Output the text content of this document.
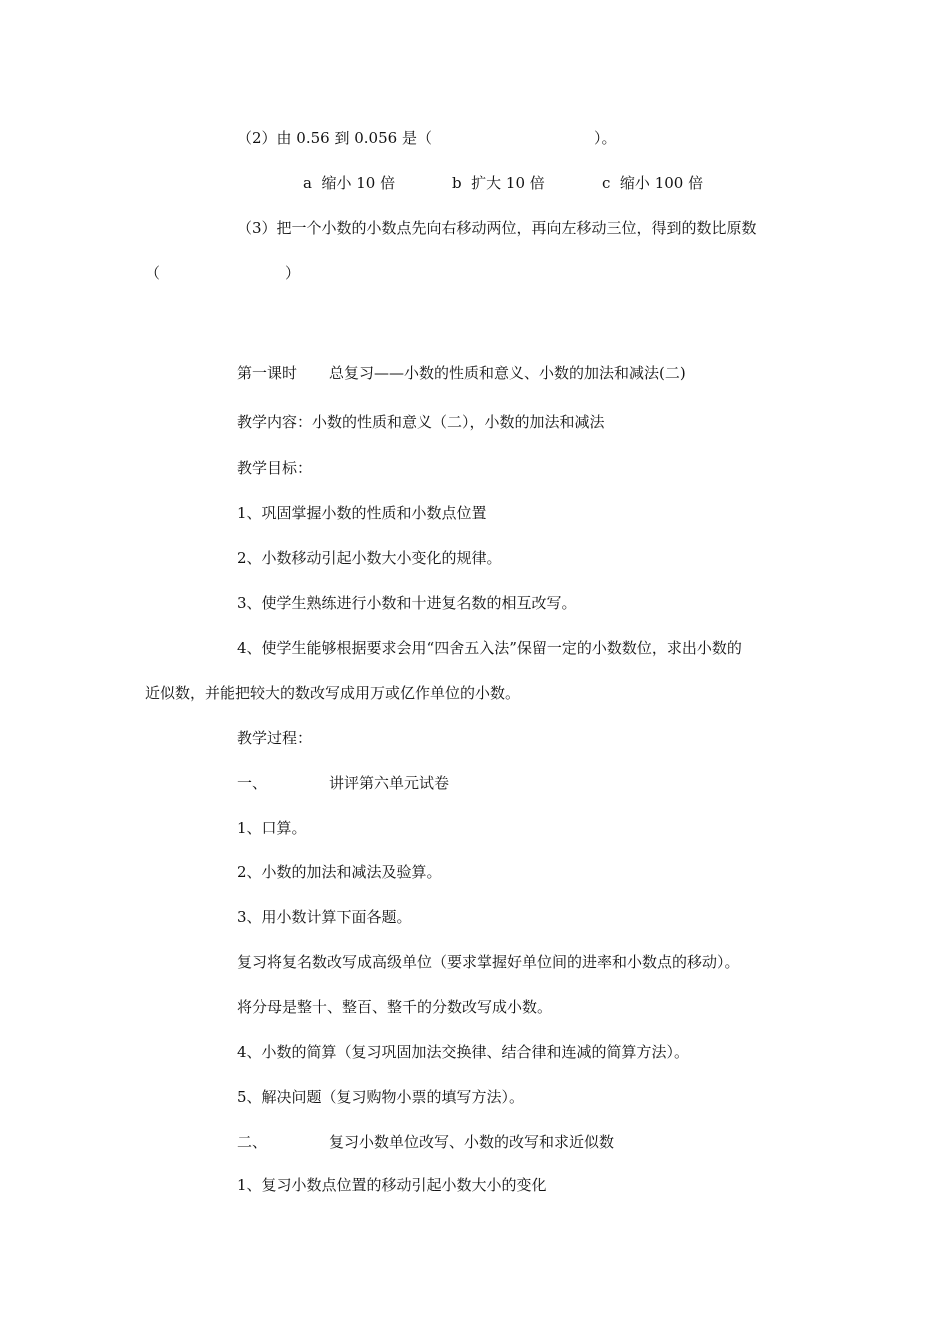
（2）由 0.56 到 0.056 是（	）。
a  缩小 10 倍	b  扩大 10 倍	c  缩小 100 倍
（3）把一个小数的小数点先向右移动两位，再向左移动三位，得到的数比原数
（	）
第一课时 总复习——小数的性质和意义、小数的加法和减法(二)
教学内容：小数的性质和意义（二），小数的加法和减法
教学目标：
1、巩固掌握小数的性质和小数点位置
2、小数移动引起小数大小变化的规律。
3、使学生熟练进行小数和十进复名数的相互改写。
4、使学生能够根据要求会用“四舍五入法”保留一定的小数数位，求出小数的
近似数，并能把较大的数改写成用万或亿作单位的小数。
教学过程：
一、	讲评第六单元试卷
1、口算。
2、小数的加法和减法及验算。
3、用小数计算下面各题。
复习将复名数改写成高级单位（要求掌握好单位间的进率和小数点的移动）。
将分母是整十、整百、整千的分数改写成小数。
4、小数的简算（复习巩固加法交换律、结合律和连减的简算方法）。
5、解决问题（复习购物小票的填写方法）。
二、	复习小数单位改写、小数的改写和求近似数
1、复习小数点位置的移动引起小数大小的变化
